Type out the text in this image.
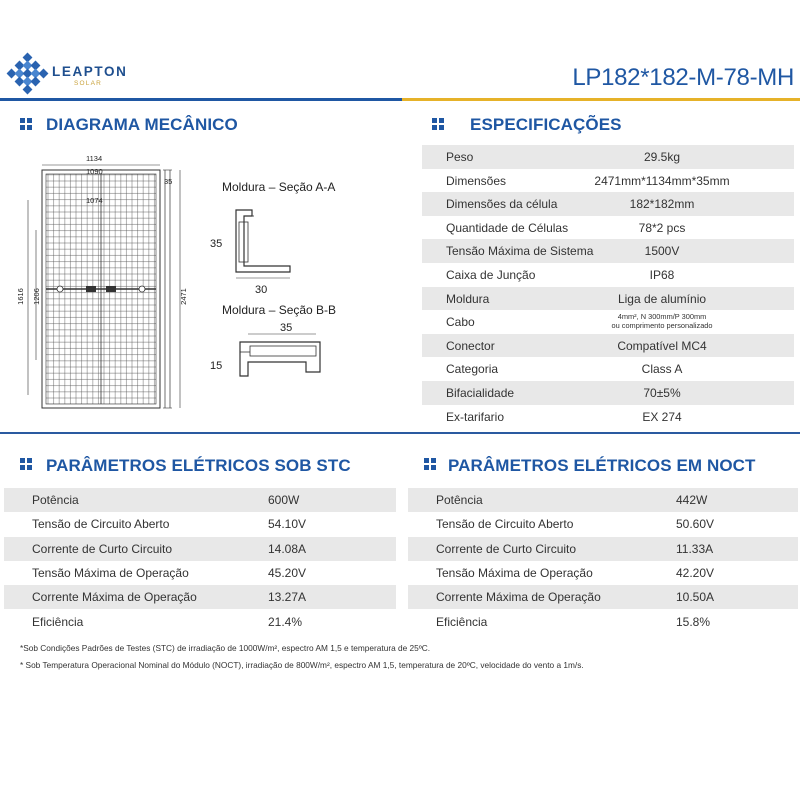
LEAPTON
SOLAR	LP182*182-M-78-MH
DIAGRAMA MECÂNICO	ESPECIFICAÇÕES
1134
1090
1074
35
1616 1206	2471
Moldura – Seção A-A
35
30
Moldura – Seção B-B
35
15
Peso	29.5kg
Dimensões	2471mm*1134mm*35mm
Dimensões da célula	182*182mm
Quantidade de Células	78*2 pcs
Tensão Máxima de Sistema	1500V
Caixa de Junção	IP68
Moldura	Liga de alumínio
Cabo	4mm², N 300mm/P 300mm
ou comprimento personalizado
Conector	Compatível MC4
Categoria	Class A
Bifacialidade	70±5%
Ex-tarifario	EX 274
PARÂMETROS ELÉTRICOS SOB STC	PARÂMETROS ELÉTRICOS EM NOCT
Potência	600W
Tensão de Circuito Aberto	54.10V
Corrente de Curto Circuito	14.08A
Tensão Máxima de Operação	45.20V
Corrente Máxima de Operação	13.27A
Eficiência	21.4%
Potência	442W
Tensão de Circuito Aberto	50.60V
Corrente de Curto Circuito	11.33A
Tensão Máxima de Operação	42.20V
Corrente Máxima de Operação	10.50A
Eficiência	15.8%
*Sob Condições Padrões de Testes (STC) de irradiação de 1000W/m², espectro AM 1,5 e temperatura de 25ºC.
* Sob Temperatura Operacional Nominal do Módulo (NOCT), irradiação de 800W/m², espectro AM 1,5, temperatura de 20ºC, velocidade do vento a 1m/s.
